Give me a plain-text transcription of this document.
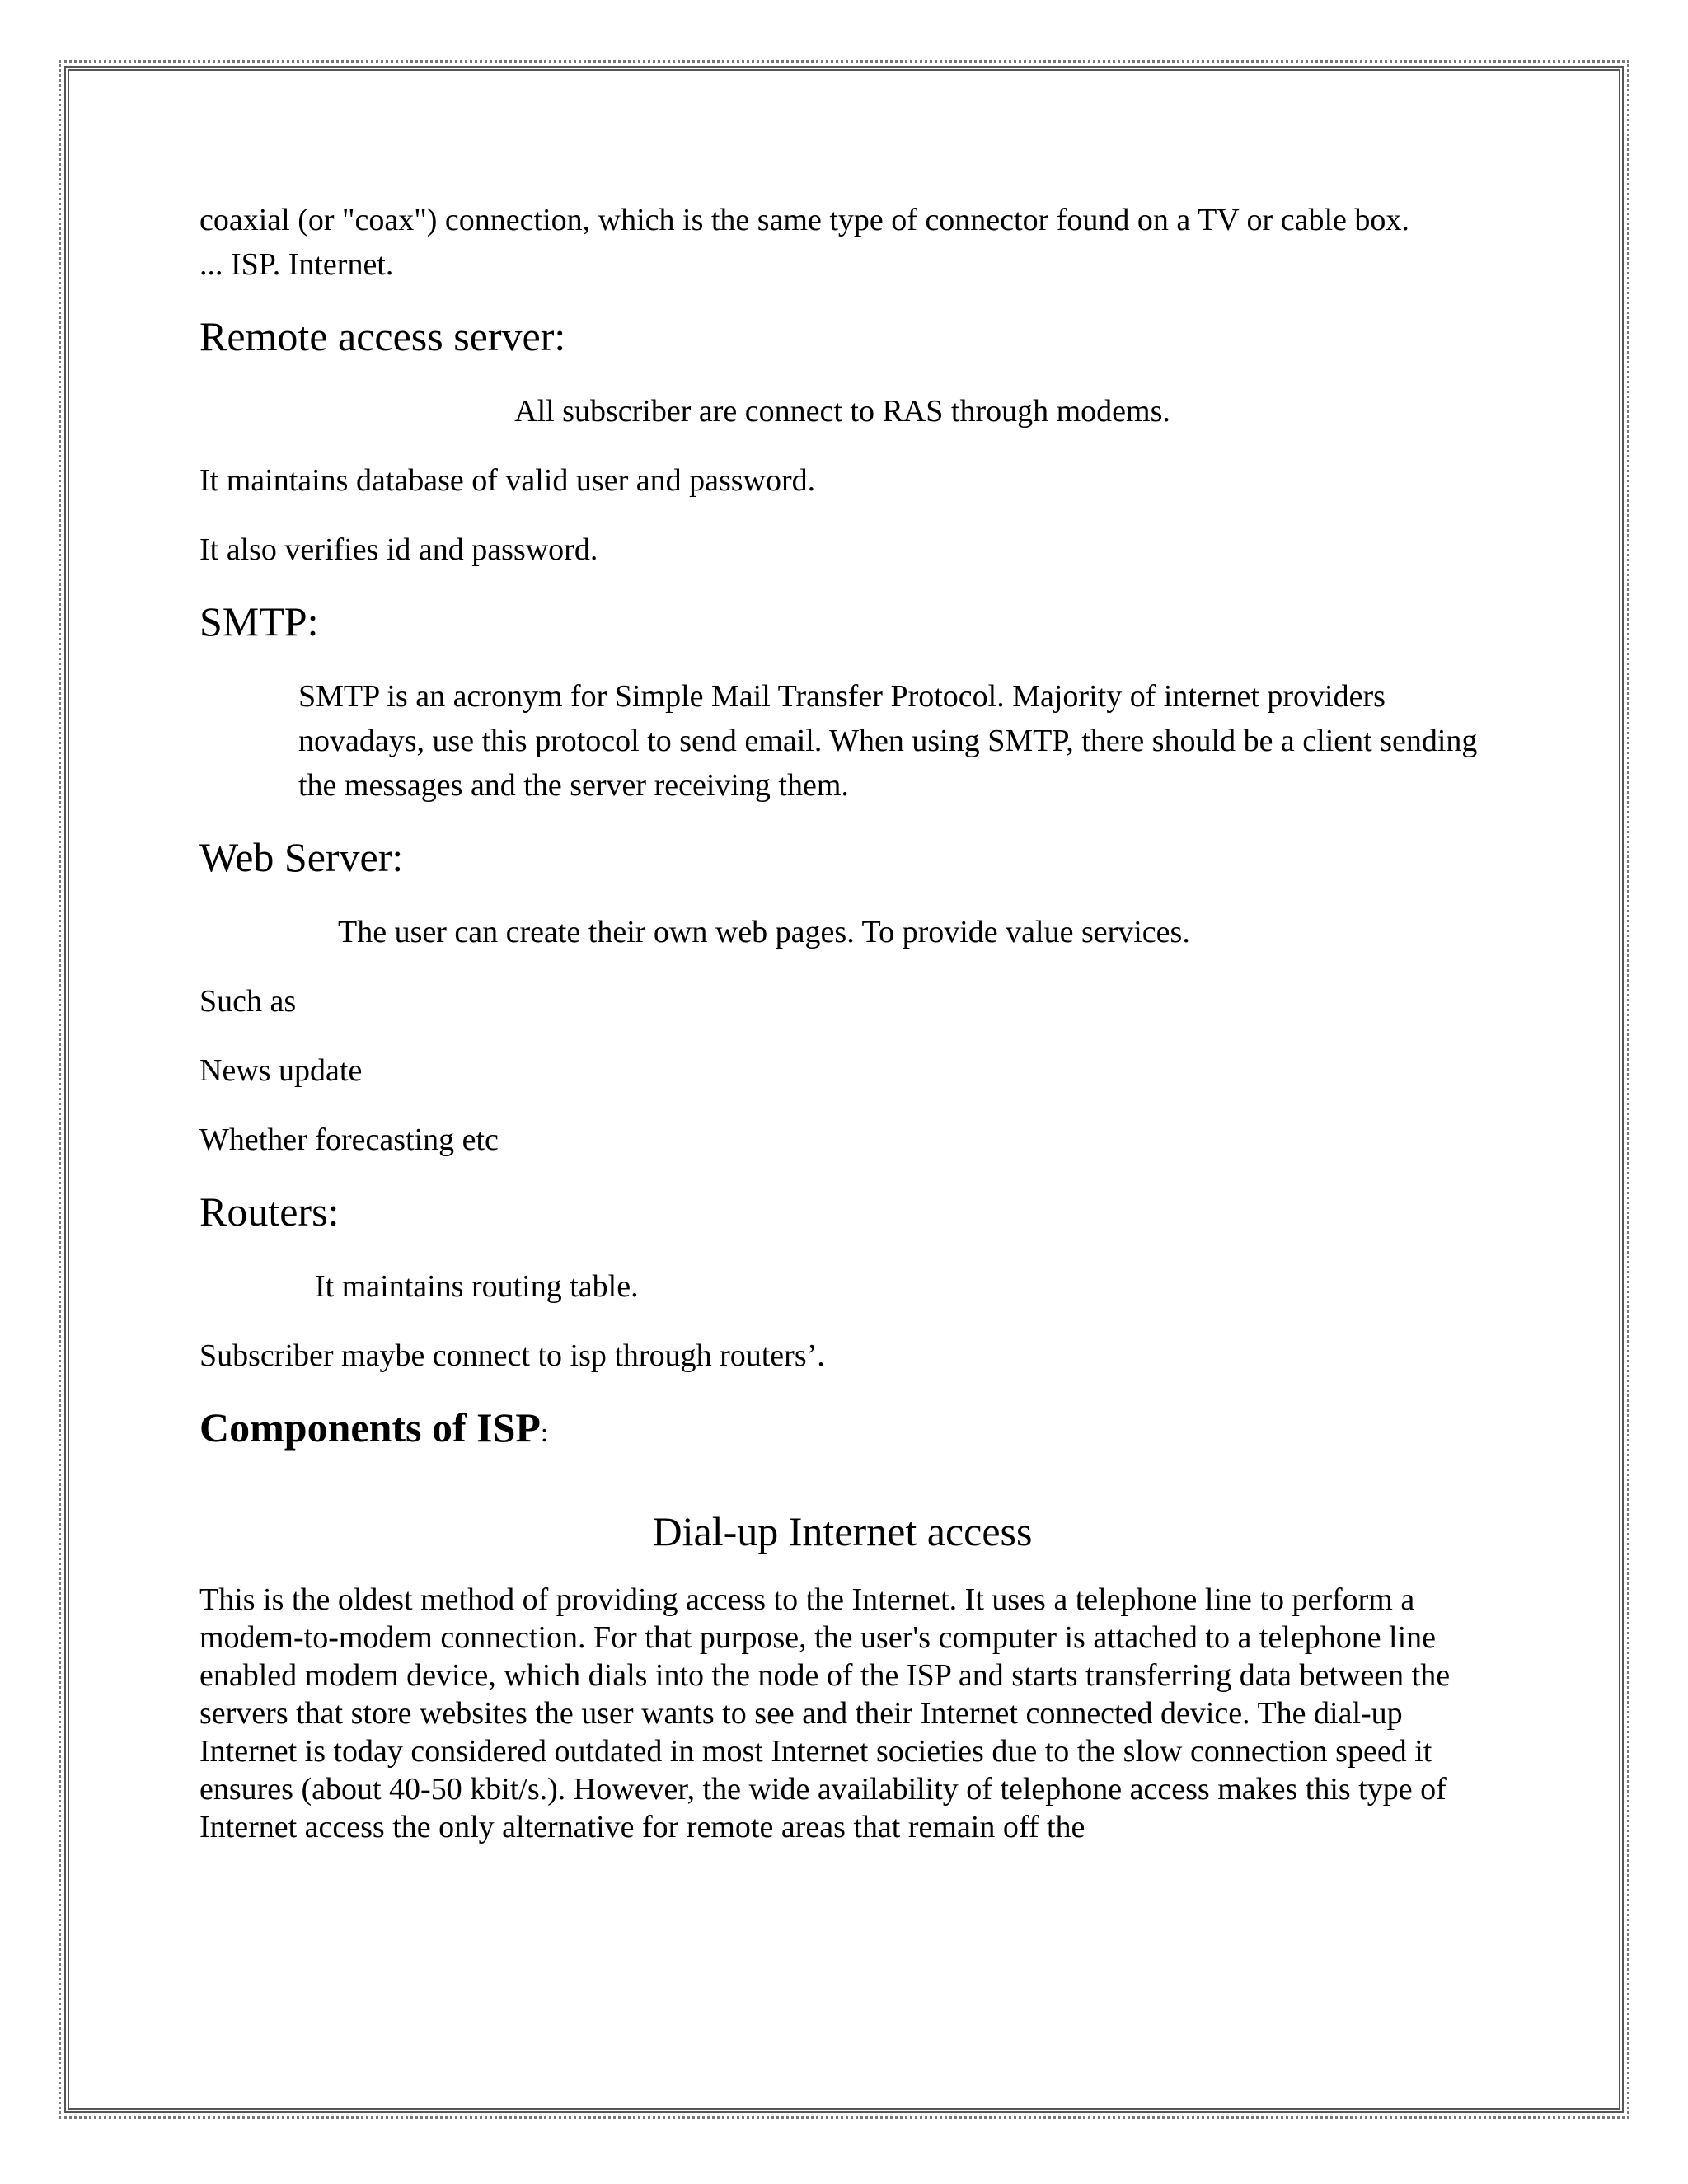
coaxial (or "coax") connection, which is the same type of connector found on a TV or cable box.
... ISP. Internet.

Remote access server:

All subscriber are connect to RAS through modems.

It maintains database of valid user and password.

It also verifies id and password.

SMTP:

SMTP is an acronym for Simple Mail Transfer Protocol. Majority of internet providers novadays, use this protocol to send email. When using SMTP, there should be a client sending the messages and the server receiving them.

Web Server:

The user can create their own web pages. To provide value services.

Such as

News update

Whether forecasting etc

Routers:

It maintains routing table.

Subscriber maybe connect to isp through routers’.

Components of ISP:
Dial-up Internet access

This is the oldest method of providing access to the Internet. It uses a telephone line to perform a modem-to-modem connection. For that purpose, the user's computer is attached to a telephone line enabled modem device, which dials into the node of the ISP and starts transferring data between the servers that store websites the user wants to see and their Internet connected device. The dial-up Internet is today considered outdated in most Internet societies due to the slow connection speed it ensures (about 40-50 kbit/s.). However, the wide availability of telephone access makes this type of Internet access the only alternative for remote areas that remain off the
